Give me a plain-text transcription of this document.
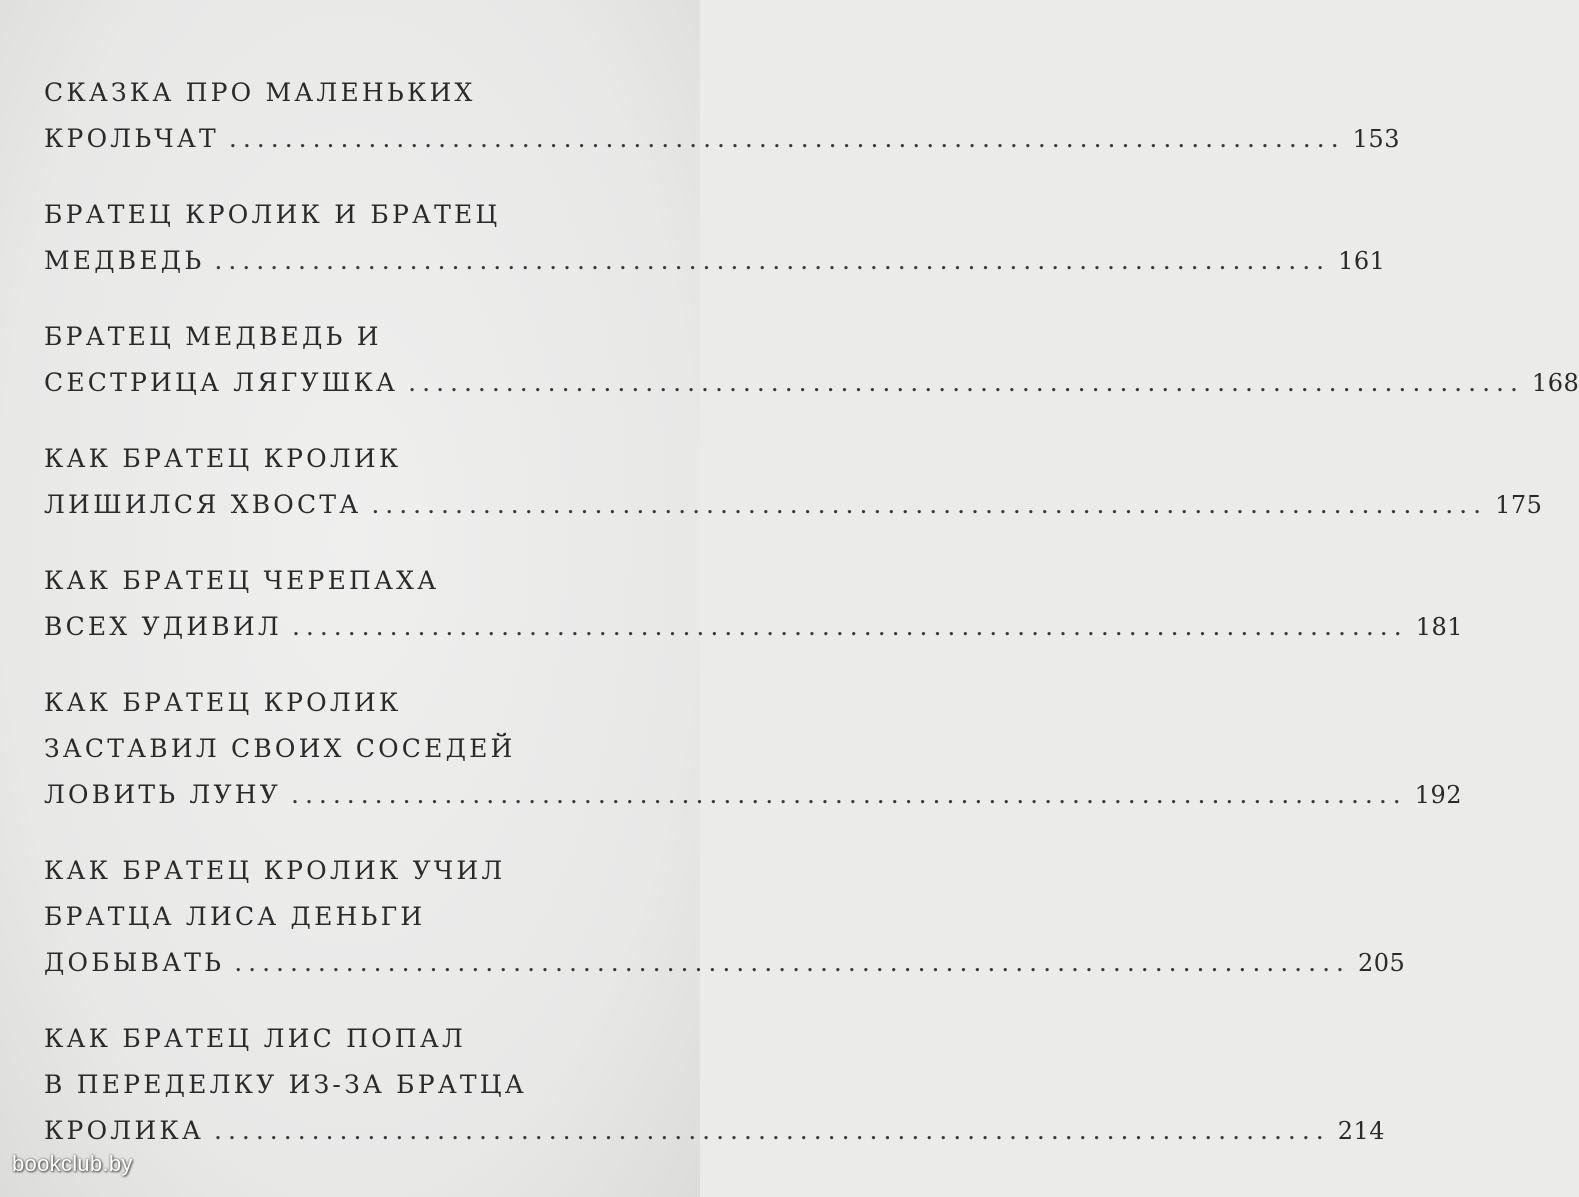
СКАЗКА ПРО МАЛЕНЬКИХ
КРОЛЬЧАТ ................................................................................ 153
БРАТЕЦ КРОЛИК И БРАТЕЦ
МЕДВЕДЬ ................................................................................ 161
БРАТЕЦ МЕДВЕДЬ И
СЕСТРИЦА ЛЯГУШКА ................................................................................ 168
КАК БРАТЕЦ КРОЛИК
ЛИШИЛСЯ ХВОСТА ................................................................................ 175
КАК БРАТЕЦ ЧЕРЕПАХА
ВСЕХ УДИВИЛ ................................................................................ 181
КАК БРАТЕЦ КРОЛИК
ЗАСТАВИЛ СВОИХ СОСЕДЕЙ
ЛОВИТЬ ЛУНУ ................................................................................ 192
КАК БРАТЕЦ КРОЛИК УЧИЛ
БРАТЦА ЛИСА ДЕНЬГИ
ДОБЫВАТЬ ................................................................................ 205
КАК БРАТЕЦ ЛИС ПОПАЛ
В ПЕРЕДЕЛКУ ИЗ-ЗА БРАТЦА
КРОЛИКА ................................................................................ 214
bookclub.by
